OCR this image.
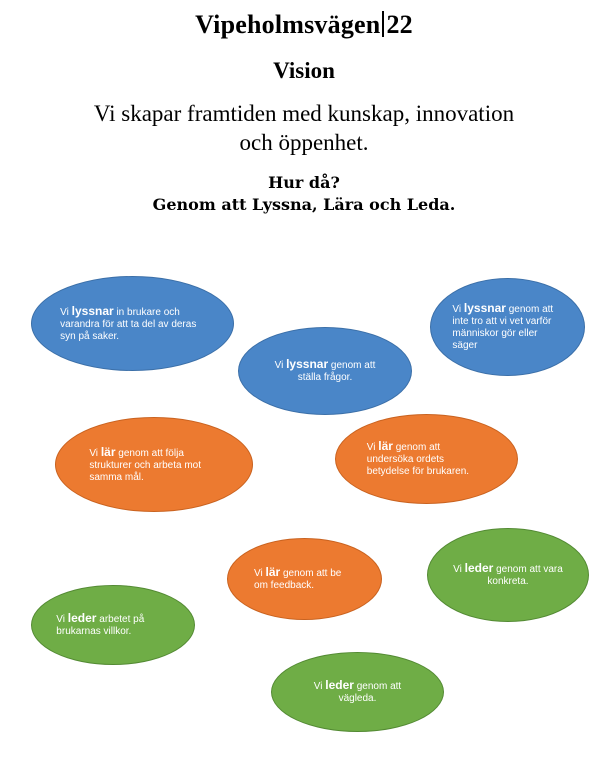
Vipeholmsvägen 22
Vision
Vi skapar framtiden med kunskap, innovation
och öppenhet.
Hur då?
Genom att Lyssna, Lära och Leda.
Vi lyssnar in brukare och varandra för att ta del av deras syn på saker.
Vi lyssnar genom att ställa frågor.
Vi lyssnar genom att inte tro att vi vet varför människor gör eller säger
Vi lär genom att följa strukturer och arbeta mot samma mål.
Vi lär genom att undersöka ordets betydelse för brukaren.
Vi lär genom att be om feedback.
Vi leder genom att vara konkreta.
Vi leder arbetet på brukarnas villkor.
Vi leder genom att vägleda.
